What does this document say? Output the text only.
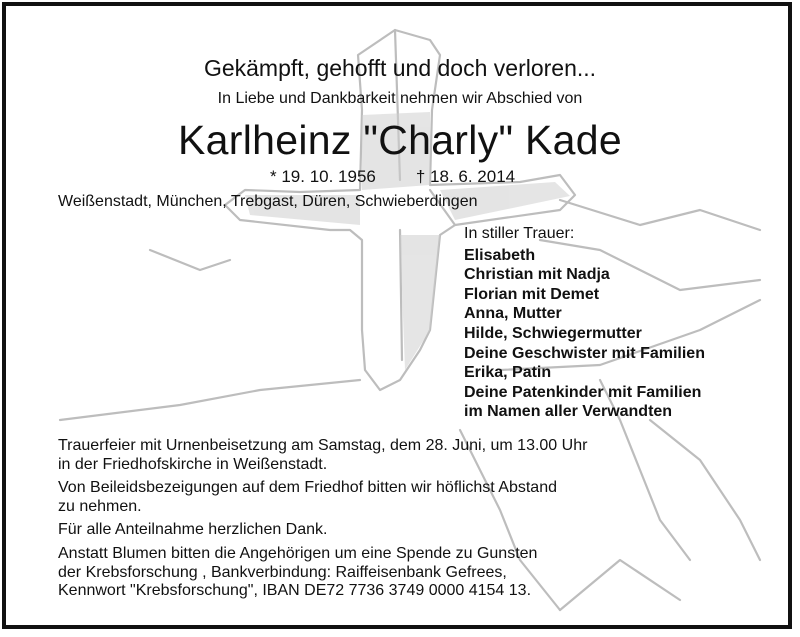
Gekämpft, gehofft und doch verloren...
In Liebe und Dankbarkeit nehmen wir Abschied von
Karlheinz "Charly" Kade
* 19. 10. 1956 † 18. 6. 2014
Weißenstadt, München, Trebgast, Düren, Schwieberdingen
In stiller Trauer:
Elisabeth
Christian mit Nadja
Florian mit Demet
Anna, Mutter
Hilde, Schwiegermutter
Deine Geschwister mit Familien
Erika, Patin
Deine Patenkinder mit Familien
im Namen aller Verwandten

Trauerfeier mit Urnenbeisetzung am Samstag, dem 28. Juni, um 13.00 Uhr
in der Friedhofskirche in Weißenstadt.

Von Beileidsbezeigungen auf dem Friedhof bitten wir höflichst Abstand
zu nehmen.

Für alle Anteilnahme herzlichen Dank.

Anstatt Blumen bitten die Angehörigen um eine Spende zu Gunsten
der Krebsforschung , Bankverbindung: Raiffeisenbank Gefrees,
Kennwort "Krebsforschung", IBAN DE72 7736 3749 0000 4154 13.
